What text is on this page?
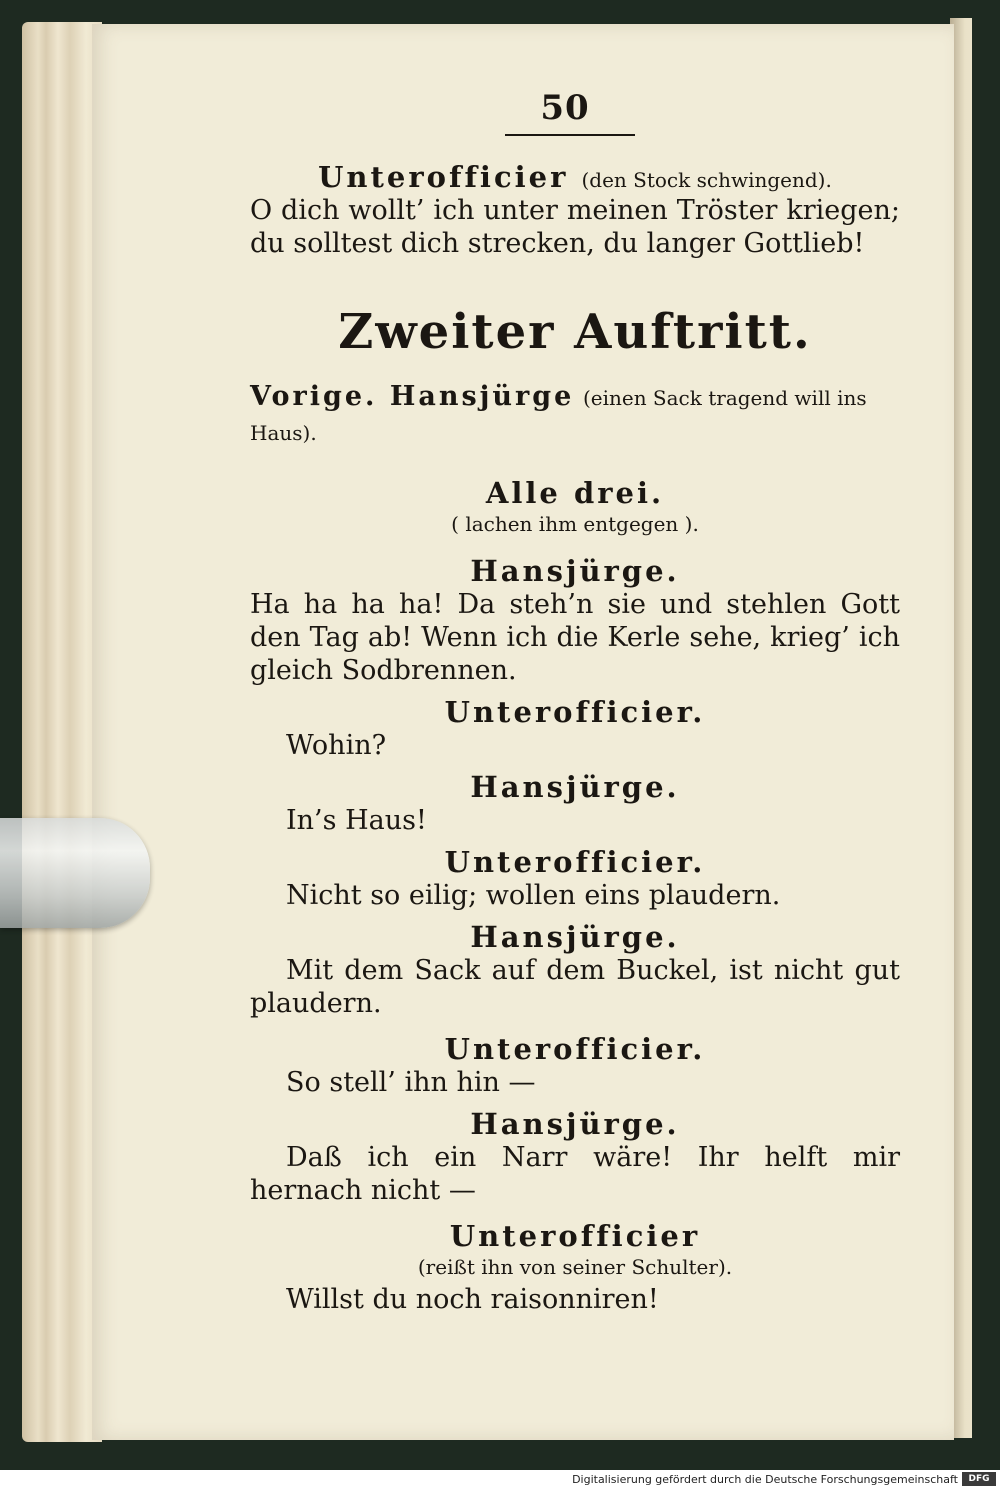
50

Unterofficier (den Stock schwingend).

O dich wollt’ ich unter meinen Tröster kriegen; du solltest dich strecken, du langer Gottlieb!

Zweiter Auftritt.

Vorige. Hansjürge (einen Sack tragend will ins Haus).

Alle drei.

( lachen ihm entgegen ).

Hansjürge.

Ha ha ha ha! Da steh’n sie und stehlen Gott den Tag ab! Wenn ich die Kerle sehe, krieg’ ich gleich Sodbrennen.

Unterofficier.

Wohin?

Hansjürge.

In’s Haus!

Unterofficier.

Nicht so eilig; wollen eins plaudern.

Hansjürge.

Mit dem Sack auf dem Buckel, ist nicht gut plaudern.

Unterofficier.

So stell’ ihn hin —

Hansjürge.

Daß ich ein Narr wäre! Ihr helft mir hernach nicht —

Unterofficier

(reißt ihn von seiner Schulter).

Willst du noch raisonniren!

Digitalisierung gefördert durch die Deutsche Forschungsgemeinschaft	DFG
